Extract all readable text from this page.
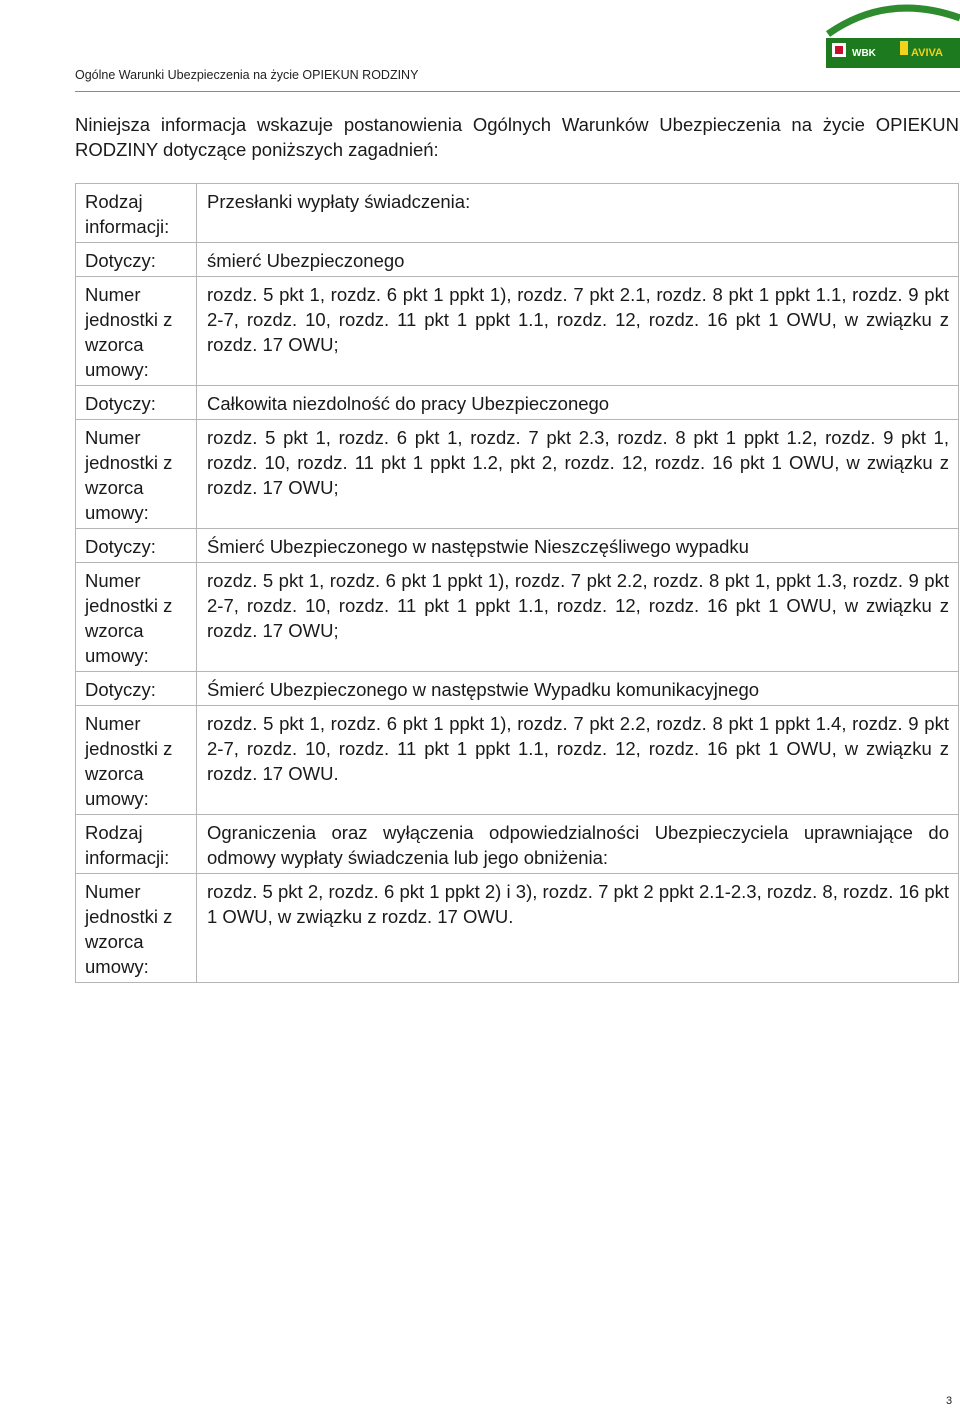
Ogólne Warunki Ubezpieczenia na życie OPIEKUN RODZINY
WBK	AVIVA
Niniejsza informacja wskazuje postanowienia Ogólnych Warunków Ubezpieczenia na życie OPIEKUN RODZINY dotyczące poniższych zagadnień:
Rodzaj informacji:	Przesłanki wypłaty świadczenia:
Dotyczy:	śmierć Ubezpieczonego
Numer jednostki z wzorca umowy:	rozdz. 5 pkt 1, rozdz. 6 pkt 1 ppkt 1), rozdz. 7 pkt 2.1, rozdz. 8 pkt 1 ppkt 1.1, rozdz. 9 pkt 2-7, rozdz. 10, rozdz. 11 pkt 1 ppkt 1.1, rozdz. 12, rozdz. 16 pkt 1 OWU, w związku z rozdz. 17 OWU;
Dotyczy:	Całkowita niezdolność do pracy Ubezpieczonego
Numer jednostki z wzorca umowy:	rozdz. 5 pkt 1, rozdz. 6 pkt 1, rozdz. 7 pkt 2.3, rozdz. 8 pkt 1 ppkt 1.2, rozdz. 9 pkt 1, rozdz. 10, rozdz. 11 pkt 1 ppkt 1.2, pkt 2, rozdz. 12, rozdz. 16 pkt 1 OWU, w związku z rozdz. 17 OWU;
Dotyczy:	Śmierć Ubezpieczonego w następstwie Nieszczęśliwego wypadku
Numer jednostki z wzorca umowy:	rozdz. 5 pkt 1, rozdz. 6 pkt 1 ppkt 1), rozdz. 7 pkt 2.2, rozdz. 8 pkt 1, ppkt 1.3, rozdz. 9 pkt 2-7, rozdz. 10, rozdz. 11 pkt 1 ppkt 1.1, rozdz. 12, rozdz. 16 pkt 1 OWU, w związku z rozdz. 17 OWU;
Dotyczy:	Śmierć Ubezpieczonego w następstwie Wypadku komunikacyjnego
Numer jednostki z wzorca umowy:	rozdz. 5 pkt 1, rozdz. 6 pkt 1 ppkt 1), rozdz. 7 pkt 2.2, rozdz. 8 pkt 1 ppkt 1.4, rozdz. 9 pkt 2-7, rozdz. 10, rozdz. 11 pkt 1 ppkt 1.1, rozdz. 12, rozdz. 16 pkt 1 OWU, w związku z rozdz. 17 OWU.
Rodzaj informacji:	Ograniczenia oraz wyłączenia odpowiedzialności Ubezpieczyciela uprawniające do odmowy wypłaty świadczenia lub jego obniżenia:
Numer jednostki z wzorca umowy:	rozdz. 5 pkt 2, rozdz. 6 pkt 1 ppkt 2) i 3), rozdz. 7 pkt 2 ppkt 2.1-2.3, rozdz. 8, rozdz. 16 pkt 1 OWU, w związku z rozdz. 17 OWU.
3
